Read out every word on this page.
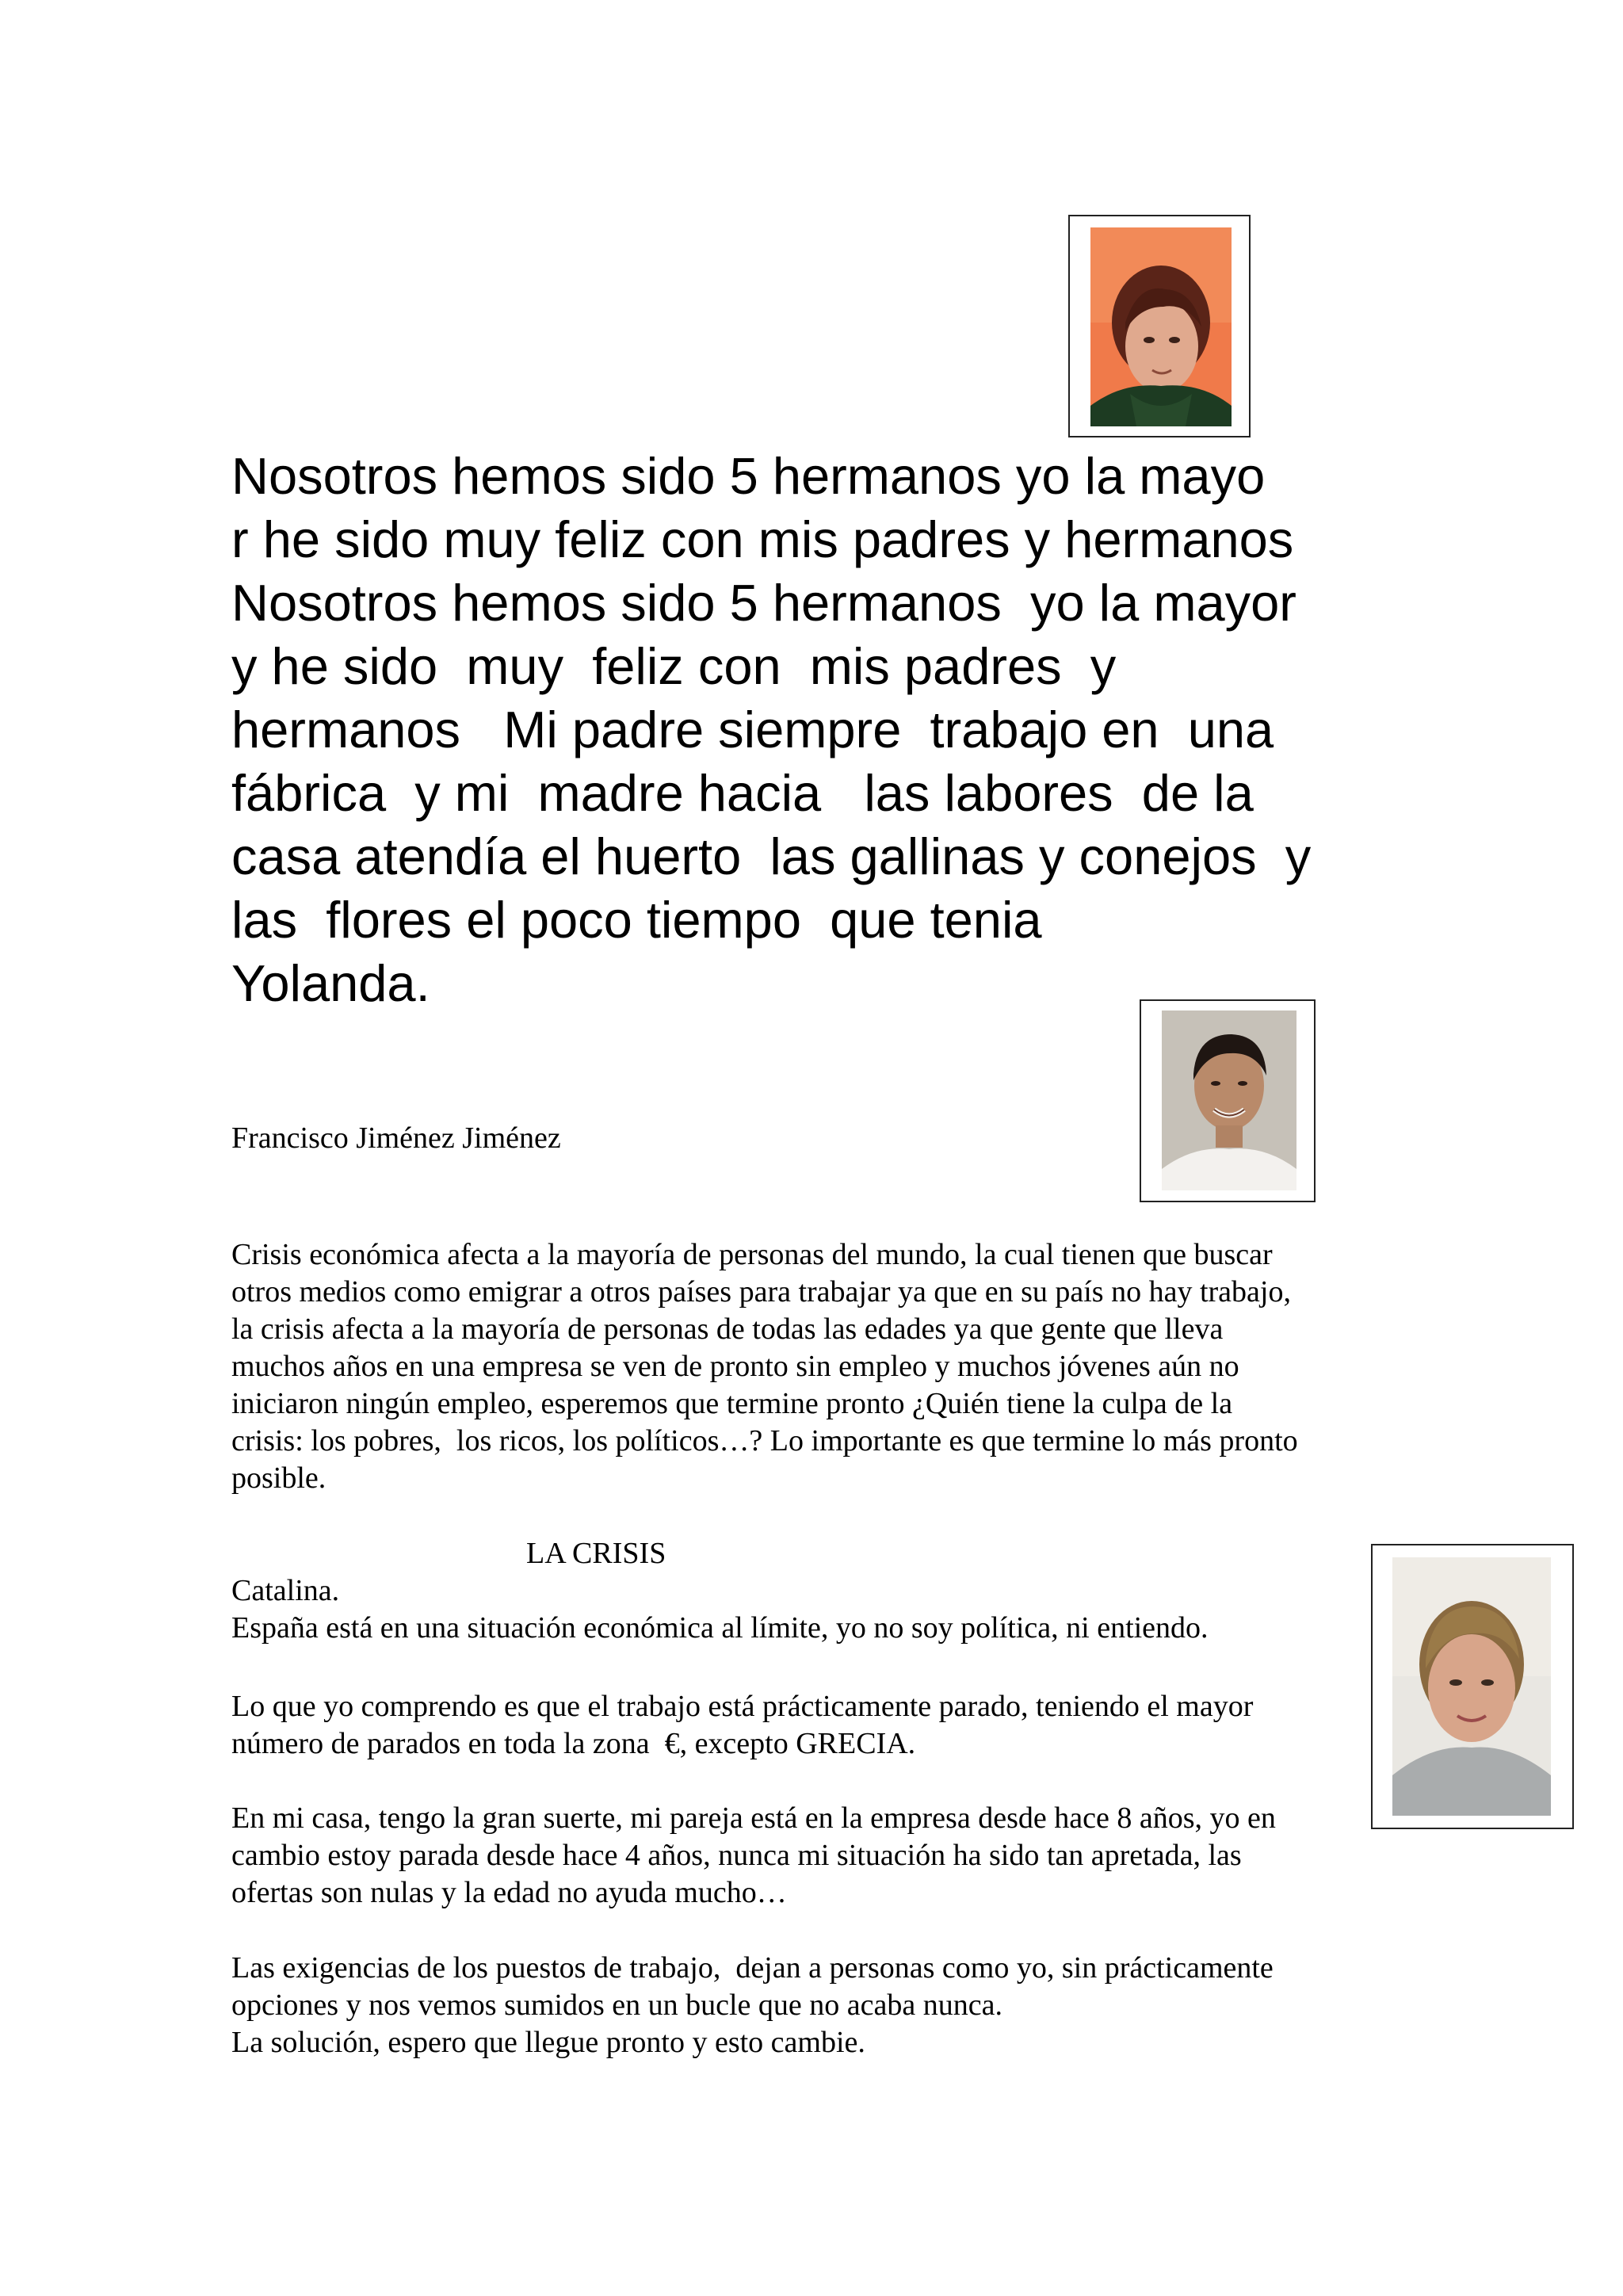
Nosotros hemos sido 5 hermanos yo la mayo
r he sido muy feliz con mis padres y hermanos
Nosotros hemos sido 5 hermanos  yo la mayor
y he sido  muy  feliz con  mis padres  y
hermanos   Mi padre siempre  trabajo en  una
fábrica  y mi  madre hacia   las labores  de la
casa atendía el huerto  las gallinas y conejos  y
las  flores el poco tiempo  que tenia
Yolanda.

Francisco Jiménez Jiménez

Crisis económica afecta a la mayoría de personas del mundo, la cual tienen que buscar
otros medios como emigrar a otros países para trabajar ya que en su país no hay trabajo,
la crisis afecta a la mayoría de personas de todas las edades ya que gente que lleva
muchos años en una empresa se ven de pronto sin empleo y muchos jóvenes aún no
iniciaron ningún empleo, esperemos que termine pronto ¿Quién tiene la culpa de la
crisis: los pobres,  los ricos, los políticos…? Lo importante es que termine lo más pronto
posible.

LA CRISIS

Catalina.
España está en una situación económica al límite, yo no soy política, ni entiendo.

Lo que yo comprendo es que el trabajo está prácticamente parado, teniendo el mayor
número de parados en toda la zona  €, excepto GRECIA.

En mi casa, tengo la gran suerte, mi pareja está en la empresa desde hace 8 años, yo en
cambio estoy parada desde hace 4 años, nunca mi situación ha sido tan apretada, las
ofertas son nulas y la edad no ayuda mucho…

Las exigencias de los puestos de trabajo,  dejan a personas como yo, sin prácticamente
opciones y nos vemos sumidos en un bucle que no acaba nunca.
La solución, espero que llegue pronto y esto cambie.
